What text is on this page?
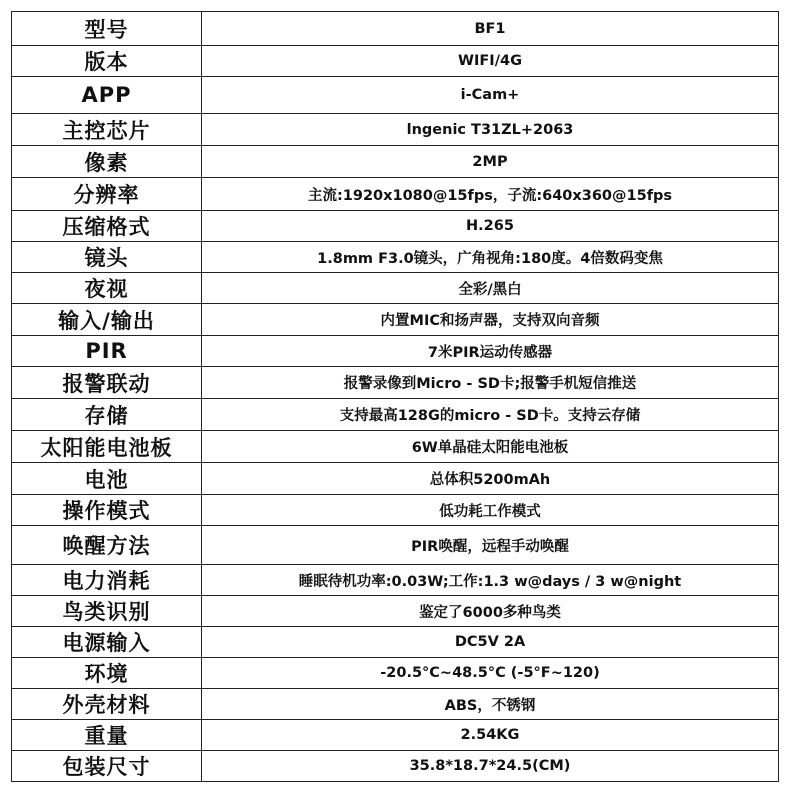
型号	BF1
版本	WIFI/4G
APP	i-Cam+
主控芯片	lngenic T31ZL+2063
像素	2MP
分辨率	主流:1920x1080@15fps，子流:640x360@15fps
压缩格式	H.265
镜头	1.8mm F3.0镜头，广角视角:180度。4倍数码变焦
夜视	全彩/黑白
输入/输出	内置MIC和扬声器，支持双向音频
PIR	7米PIR运动传感器
报警联动	报警录像到Micro - SD卡;报警手机短信推送
存储	支持最高128G的micro - SD卡。支持云存储
太阳能电池板	6W单晶硅太阳能电池板
电池	总体积5200mAh
操作模式	低功耗工作模式
唤醒方法	PIR唤醒，远程手动唤醒
电力消耗	睡眠待机功率:0.03W;工作:1.3 w@days / 3 w@night
鸟类识别	鉴定了6000多种鸟类
电源输入	DC5V 2A
环境	-20.5°C~48.5°C (-5°F~120)
外壳材料	ABS，不锈钢
重量	2.54KG
包装尺寸	35.8*18.7*24.5(CM)
